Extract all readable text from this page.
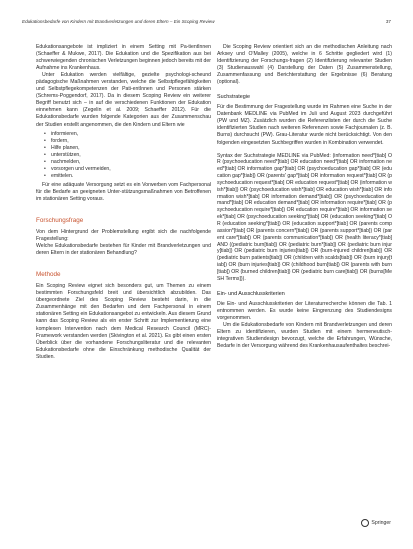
Edukationsbedarfe von Kindern mit Brandverletzungen und deren Eltern – Ein Scoping Review	37

Edukationsangebote ist impliziert in einem Setting mit Pa-tientInnen (Schaeffer & Mukwe, 2017). Die Edukation und die Spezifikation aus bei schwerwiegenden chronischen Verletzungen beginnen jedoch bereits mit der Aufnahme ins Krankenhaus.

Unter Edukation werden vielfältige, gezielte psychologi-scheund pädagogische Maßnahmen verstanden, welche die Selbstpflegefähigkeiten und Selbstpflegekompetenzen der Pati-entInnen und Personen stärken (Schrems-Poggendorf, 2017). Da in diesem Scoping Review ein weiterer Begriff benutzt sich – in auf die verschiedenen Funktionen der Edukation einnehmen kann (Zegelin et al. 2009; Schaeffer 2012). Für die Edukationsbedarfe wurden folgende Kategorien aus der Zusammenschau der Studien erstellt angenommen, die den Kindern und Eltern wie

• informieren,
• fordern,
• Hilfe planen,
• unterstützen,
• nachmelden,
• vorsorgen und vermeiden,
• emittelen.

Für eine adäquate Versorgung setzt es ein Vorwerben vom Fachpersonal für die Bedarfe an geeigneten Unter-stützungsmaßnahmen von Betroffenen im stationären Setting voraus.

Forschungsfrage

Von dem Hintergrund der Problemstellung ergibt sich die nachfolgende Fragestellung:

Welche Edukationsbedarfe bestehen für Kinder mit Brandverletzungen und deren Eltern in der stationären Behandlung?

Methode

Ein Scoping Review eignet sich besonders gut, um Themen zu einem bestimmten Forschungsfeld breit und übersichtlich abzubilden. Das übergeordnete Ziel des Scoping Review besteht darin, in die Zusammenhänge mit den Bedarfen und dem Fachpersonal in einem stationären Setting ein Edukationsangebot zu entwickeln. Aus diesem Grund kann das Scoping Review als ein erster Schritt zur Implementierung eine komplexen Intervention nach dem Medical Research Council (MRC)-Framework verstanden werden (Skivington et al. 2021). Es gibt einen ersten Überblick über die vorhandene Forschungsliteratur und die relevanten Edukationsbedarfe ohne die Einschränkung methodische Qualität der Studien.

Die Scoping Review orientiert sich an die methodischen Anleitung nach Arksey und O'Malley (2005), welche in 6 Schritte gegliedert wird (1) Identifizierung der Forschungs-fragen (2) Identifizierung relevanter Studien (3) Studienauswahl (4) Darstellung der Daten (5) Zusammenstellung, Zusammenfassung und Berichterstattung der Ergebnisse (6) Beratung (optional).

Suchstrategie

Für die Bestimmung der Fragestellung wurde im Rahmen eine Suche in der Datenbank MEDLINE via PubMed im Juli und August 2023 durchgeführt (PW und MZ). Zusätzlich wurden die Referenzlisten der durch die Suche identifizierten Studien nach weiteren Referenzen sowie Fachjournalen (z. B. Burns) durchsucht (PW). Grau-Literatur wurde nicht berücksichtigt. Von den folgenden eingesetzten Suchbegriffen wurden in Kombination verwendet.

Syntax der Suchstrategie MEDLINE via PubMed: (information need*[tiab] OR (psychoeducation need*[tiab] OR education need*[tiab] OR information need*[tiab] OR information gap*[tiab] OR (psychoeducation gap*[tiab] OR (education gap*[tiab]) OR (parents' gap*[tiab] OR information request*[tiab] OR (psychoeducation request*[tiab] OR education request*[tiab] OR (information wish*[tiab]) OR (psychoeducation wish*[tiab] OR education wish*[tiab] OR information wish*[tiab] OR information demand*[tiab]) OR (psychoeducation demand*[tiab] OR education demand*[tiab] OR information require*[tiab] OR (psychoeducation require*[tiab]) OR education require*[tiab] OR information seek*[tiab] OR (psychoeducation seeking*[tiab] OR (education seeking*[tiab] OR (education seeking*[tiab]) OR (education support*[tiab] OR (parents compassion*[tiab] OR (parents concern*[tiab]) OR (parents support*[tiab]) OR (parent care*[tiab]) OR (parents communication*[tiab]) OR (health literacy*[tiab] AND ((pediatric burn[tiab]) OR (pediatric burn*[tiab]) OR (pediatric burn injury[tiab]) OR (pediatric burn injuries[tiab]) OR (burn-injured children[tiab]) OR (pediatric burn patients[tiab]) OR (children with scalds[tiab]) OR (burn injury[tiab]) OR (burn injuries[tiab]) OR (childhood burn[tiab]) OR (parents with burn[tiab]) OR (burned children[tiab]) OR (pediatric burn care[tiab]) OR (burns[MeSH Terms])).

Ein- und Ausschlusskriterien

Die Ein- und Ausschlusskriterien der Literaturrecherche können die Tab. 1 entnommen werden. Es wurde keine Eingrenzung des Studiendesigns vorgenommen.

Um die Edukationsbedarfe von Kindern mit Brandverletzungen und deren Eltern zu identifizieren, wurden Studien mit einem hermeneutisch-integrativen Studiendesign bevorzugt, welche die Erfahrungen, Wünsche, Bedarfe in der Versorgung während des Krankenhausaufenthaltes beschrei-

Springer
